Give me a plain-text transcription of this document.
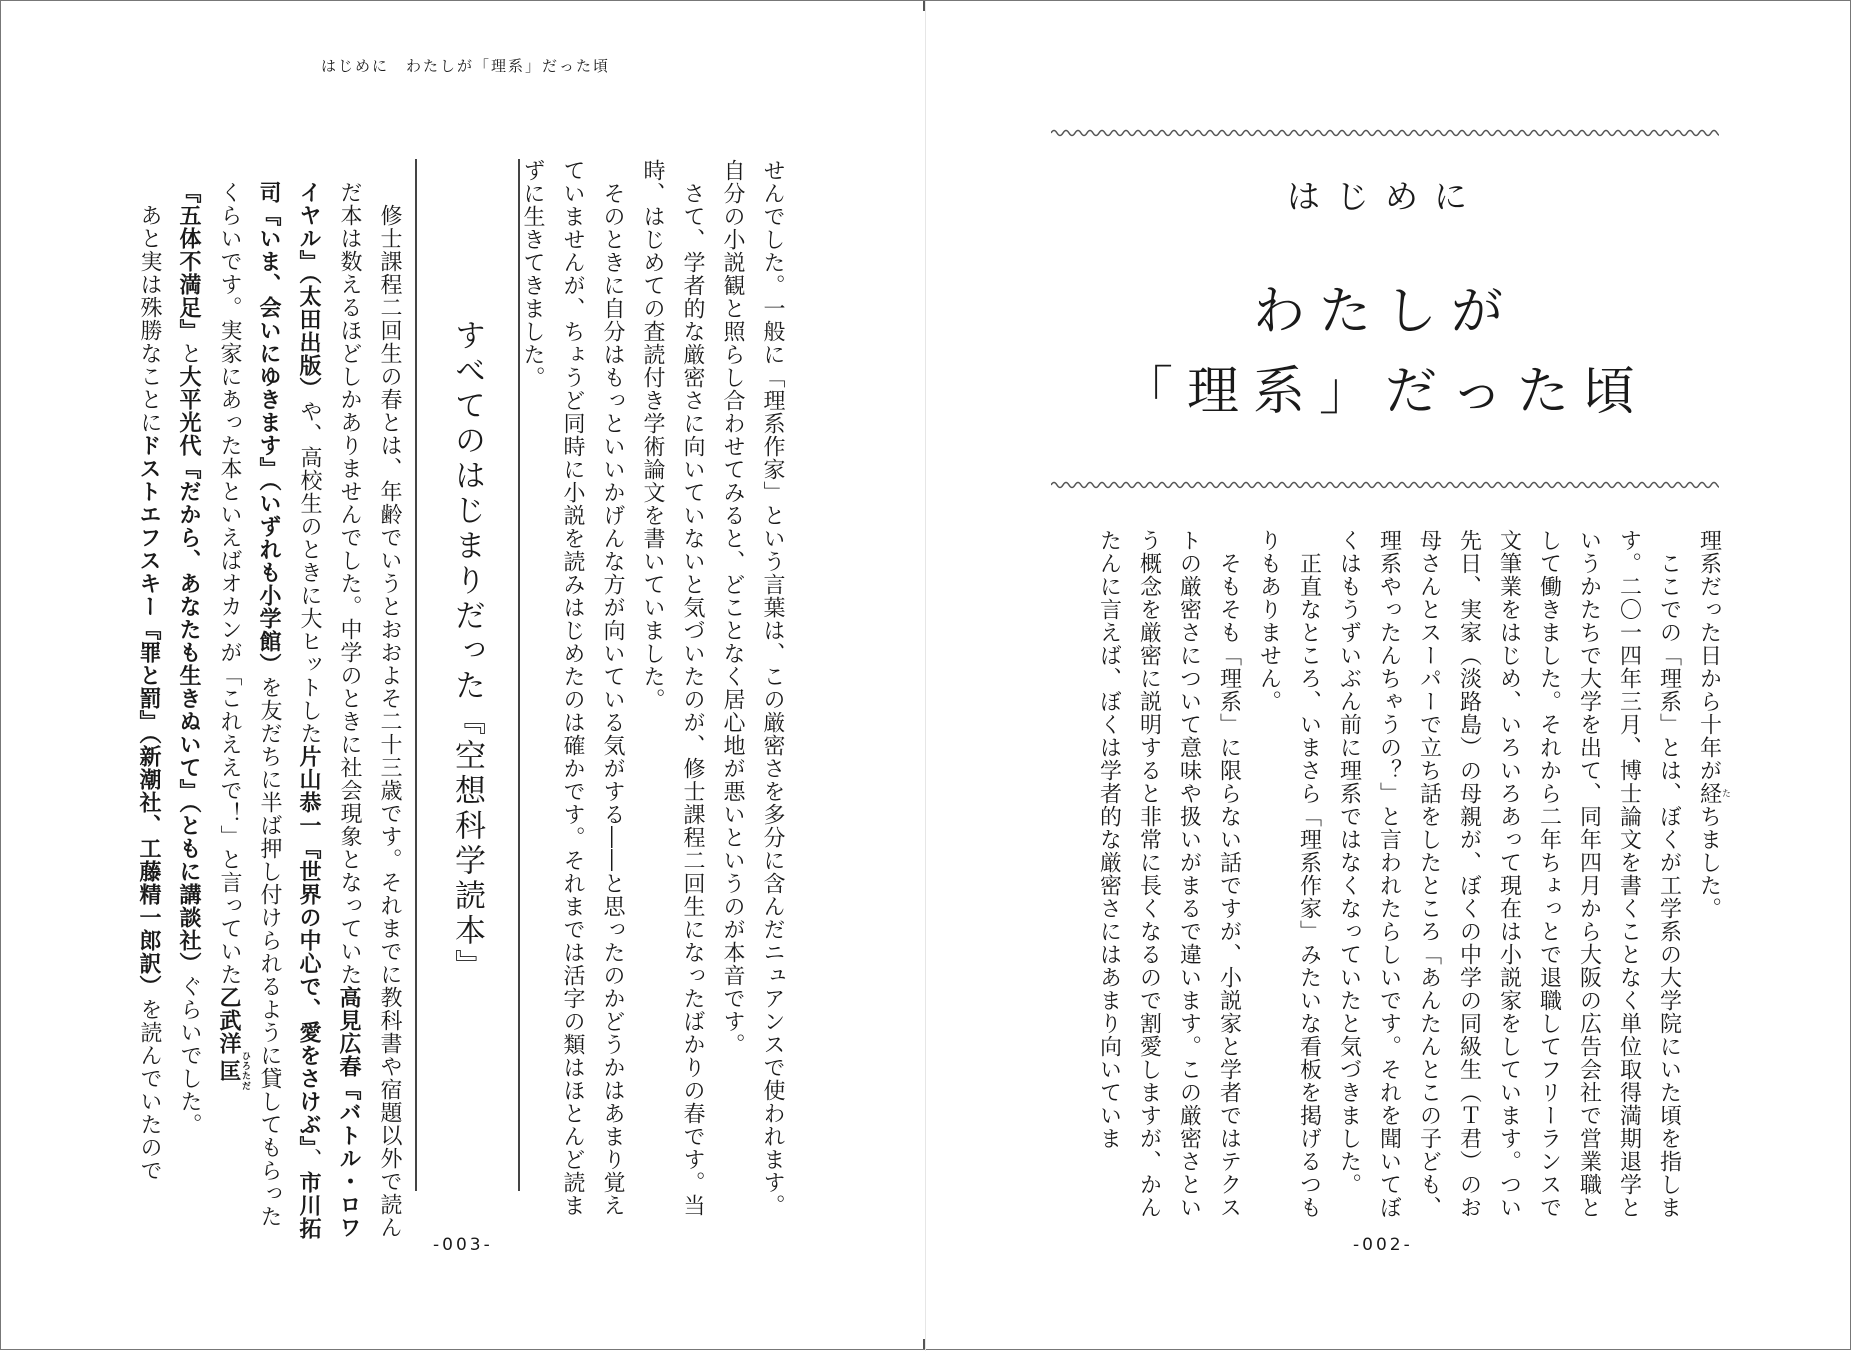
はじめに　わたしが「理系」だった頃
せんでした。一般に「理系作家」という言葉は、この厳密さを多分に含んだニュアンスで使われます。自分の小説観と照らし合わせてみると、どことなく居心地が悪いというのが本音です。
　さて、学者的な厳密さに向いていないと気づいたのが、修士課程二回生になったばかりの春です。当時、はじめての査読付き学術論文を書いていました。
　そのときに自分はもっといいかげんな方が向いている気がする――と思ったのかどうかはあまり覚えていませんが、ちょうど同時に小説を読みはじめたのは確かです。それまでは活字の類はほとんど読まずに生きてきました。
すべてのはじまりだった『空想科学読本』
　修士課程二回生の春とは、年齢でいうとおおよそ二十三歳です。それまでに教科書や宿題以外で読んだ本は数えるほどしかありませんでした。中学のときに社会現象となっていた高見広春『バトル・ロワイヤル』（太田出版）や、高校生のときに大ヒットした片山恭一『世界の中心で、愛をさけぶ』、市川拓司『いま、会いにゆきます』（いずれも小学館）を友だちに半ば押し付けられるように貸してもらったくらいです。実家にあった本といえばオカンが「これええで！」と言っていた乙武洋匡ひろただ『五体不満足』と大平光代『だから、あなたも生きぬいて』（ともに講談社）ぐらいでした。
　あと実は殊勝なことにドストエフスキー『罪と罰』（新潮社、工藤精一郎訳）を読んでいたので
-003-
はじめに
わたしが
「理系」だった頃
理系だった日から十年が経たちました。
　ここでの「理系」とは、ぼくが工学系の大学院にいた頃を指します。二〇一四年三月、博士論文を書くことなく単位取得満期退学というかたちで大学を出て、同年四月から大阪の広告会社で営業職として働きました。それから二年ちょっとで退職してフリーランスで文筆業をはじめ、いろいろあって現在は小説家をしています。つい先日、実家（淡路島）の母親が、ぼくの中学の同級生（Ｔ君）のお母さんとスーパーで立ち話をしたところ「あんたんとこの子ども、理系やったんちゃうの？」と言われたらしいです。それを聞いてぼくはもうずいぶん前に理系ではなくなっていたと気づきました。
　正直なところ、いまさら「理系作家」みたいな看板を掲げるつもりもありません。
　そもそも「理系」に限らない話ですが、小説家と学者ではテクストの厳密さについて意味や扱いがまるで違います。この厳密さという概念を厳密に説明すると非常に長くなるので割愛しますが、かんたんに言えば、ぼくは学者的な厳密さにはあまり向いていま
-002-
